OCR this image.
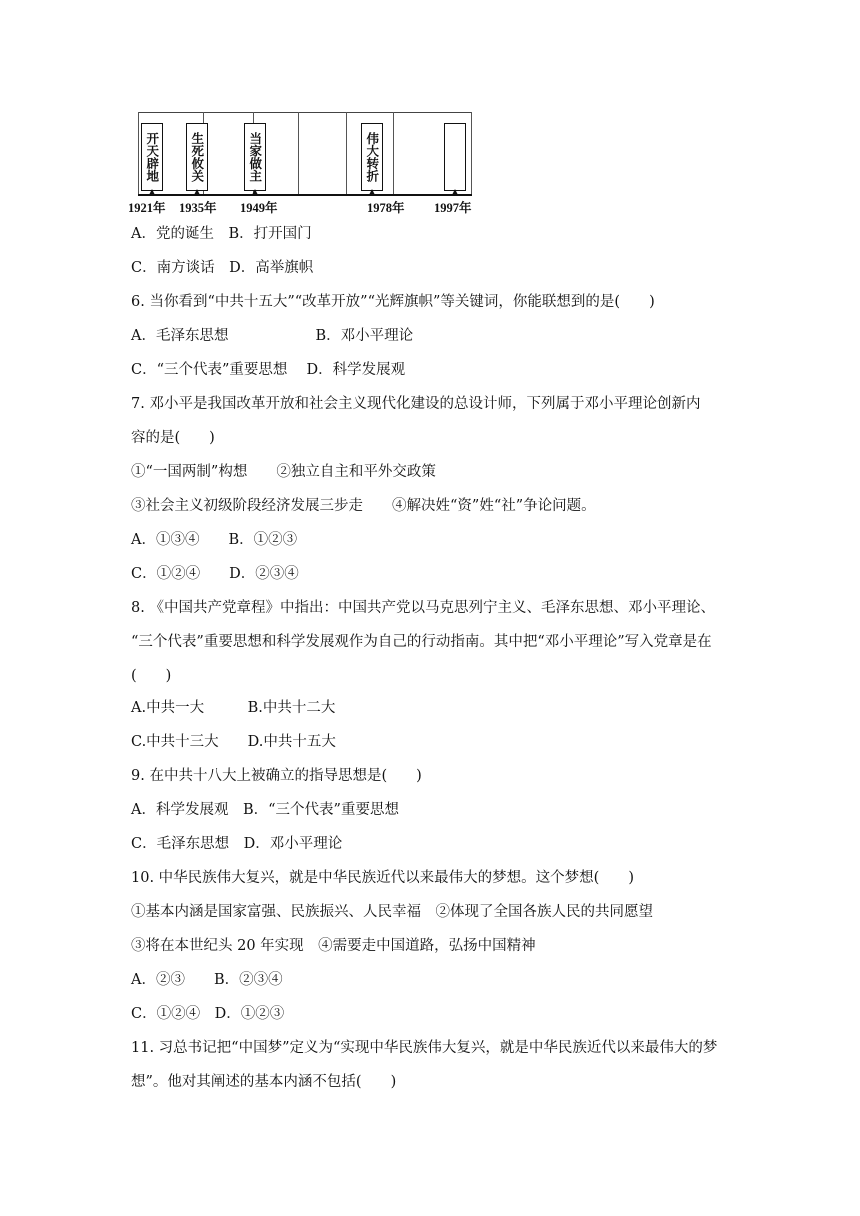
开天辟地
1921年
生死攸关
1935年
当家做主
1949年
伟大转折
1978年 1997年
A．党的诞生　B．打开国门
C．南方谈话　D．高举旗帜
6. 当你看到“中共十五大”“改革开放”“光辉旗帜”等关键词，你能联想到的是(　　)
A．毛泽东思想　　　　　　B．邓小平理论
C．“三个代表”重要思想　 D．科学发展观
7. 邓小平是我国改革开放和社会主义现代化建设的总设计师，下列属于邓小平理论创新内
容的是(　　)
①“一国两制”构想　　②独立自主和平外交政策
③社会主义初级阶段经济发展三步走　　④解决姓“资”姓“社”争论问题。
A．①③④　　B．①②③
C．①②④　　D．②③④
8. 《中国共产党章程》中指出：中国共产党以马克思列宁主义、毛泽东思想、邓小平理论、
“三个代表”重要思想和科学发展观作为自己的行动指南。其中把“邓小平理论”写入党章是在
(　　)
A.中共一大　　　B.中共十二大
C.中共十三大　　D.中共十五大
9. 在中共十八大上被确立的指导思想是(　　)
A．科学发展观　B．“三个代表”重要思想
C．毛泽东思想　D．邓小平理论
10. 中华民族伟大复兴，就是中华民族近代以来最伟大的梦想。这个梦想(　　)
①基本内涵是国家富强、民族振兴、人民幸福　②体现了全国各族人民的共同愿望
③将在本世纪头 20 年实现　④需要走中国道路，弘扬中国精神
A．②③　　B．②③④
C．①②④　D．①②③
11. 习总书记把“中国梦”定义为“实现中华民族伟大复兴，就是中华民族近代以来最伟大的梦
想”。他对其阐述的基本内涵不包括(　　)
